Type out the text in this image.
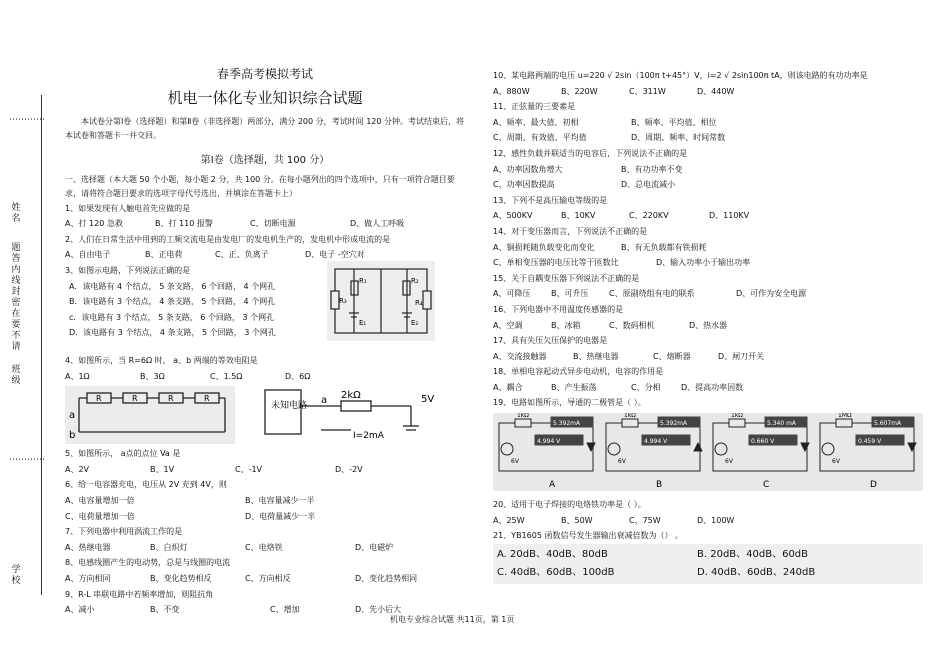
⋯⋯⋯⋯
姓名
题答内线封密在要不请
班级
⋯⋯⋯⋯
学校
春季高考模拟考试
机电一体化专业知识综合试题
本试卷分第Ⅰ卷（选择题）和第Ⅱ卷（非选择题）两部分，满分 200 分，考试时间 120 分钟。考试结束后，将本试卷和答题卡一并交回。
第Ⅰ卷（选择题，共 100 分）
一、选择题（本大题 50 个小题，每小题 2 分，共 100 分。在每小题列出的四个选项中，只有一项符合题目要求，请将符合题目要求的选项字母代号选出，并填涂在答题卡上）
1、如果发现有人触电首先应做的是
A、打 120 急救	B、打 110 报警	C、切断电源	D、做人工呼吸
2、人们在日常生活中用到的工频交流电是由发电厂的发电机生产的，发电机中形成电流的是
A、自由电子	B、正电荷	C、正、负离子	D、电子 -空穴对
3、如图示电路，下列说法正确的是
A．该电路有 4 个结点， 5 条支路， 6 个回路， 4 个网孔
B．该电路有 3 个结点， 4 条支路， 5 个回路， 4 个网孔
c．该电路有 3 个结点， 5 条支路， 6 个回路， 3 个网孔
D．该电路有 3 个结点， 4 条支路， 5 个回路， 3 个网孔
R₁	R₂
R₃	R₄
E₁	E₂
4、如图所示，当 R=6Ω 时， a、b 两端的等效电阻是
A、1Ω	B、3Ω	C、1.5Ω	D、6Ω
a
b
R	R	R	R
未知电路 a 2kΩ	5V
I=2mA
5、如图所示， a点的点位 Va 是
A、2V	B、1V	C、-1V	D、-2V
6、给一电容器充电，电压从 2V 充到 4V，则
A、电容量增加一倍	B、电容量减少一半
C、电荷量增加一倍	D、电荷量减少一半
7、下列电器中利用涡流工作的是
A、热继电器	B、白炽灯	C、电烙铁	D、电磁炉
8、电感线圈产生的电动势，总是与线圈的电流
A、方向相同	B、变化趋势相反	C、方向相反	D、变化趋势相同
9、R-L 串联电路中若频率增加，则阻抗角
A、减小	B、不变	C、增加	D、先小后大
10、某电路两端的电压 u=220 √ 2sin（100π t+45°）V，i=2 √ 2sin100π tA，则该电路的有功功率是
A、880W	B、220W	C、311W	D、440W
11、正弦量的三要素是
A、频率、最大值、初相	B、频率、平均值、相位
C、周期、有效值、平均值	D、周期、频率、时间常数
12、感性负载并联适当的电容后，下列说法不正确的是
A、功率因数角增大	B、有功功率不变
C、功率因数提高	D、总电流减小
13、下列不是高压输电等级的是
A、500KV	B、10KV	C、220KV	D、110KV
14、对于变压器而言，下列说法不正确的是
A、铜损耗随负载变化而变化	B、有无负载都有铁损耗
C、单相变压器的电压比等于匝数比	D、输入功率小于输出功率
15、关于自耦变压器下列说法不正确的是
A、可降压	B、可升压	C、原副绕组有电的联系	D、可作为安全电源
16、下列电器中不用温度传感器的是
A、空调	B、冰箱	C、数码相机	D、热水器
17、具有失压欠压保护的电器是
A、交流接触器	B、热继电器	C、熔断器	D、闸刀开关
18、单相电容起动式异步电动机，电容的作用是
A、耦合	B、产生振荡	C、分相	D、提高功率因数
19、电路如图所示，导通的二极管是（ ）。
1kΩ
5.392mA
4.994 V
6V
A
1kΩ
5.392mA
4.994 V
6V
B
1kΩ
5.340 mA
0.660 V
6V
C
1MΩ
5.607mA
0.459 V
6V
D
20、适用于电子焊接的电烙铁功率是（ ）。
A、25W	B、50W	C、75W	D、100W
21、YB1605 函数信号发生器输出衰减倍数为（） 。
A. 20dB、40dB、80dB	B. 20dB、40dB、60dB
C. 40dB、60dB、100dB	D. 40dB、60dB、240dB
机电专业综合试题 共11页，第 1页
